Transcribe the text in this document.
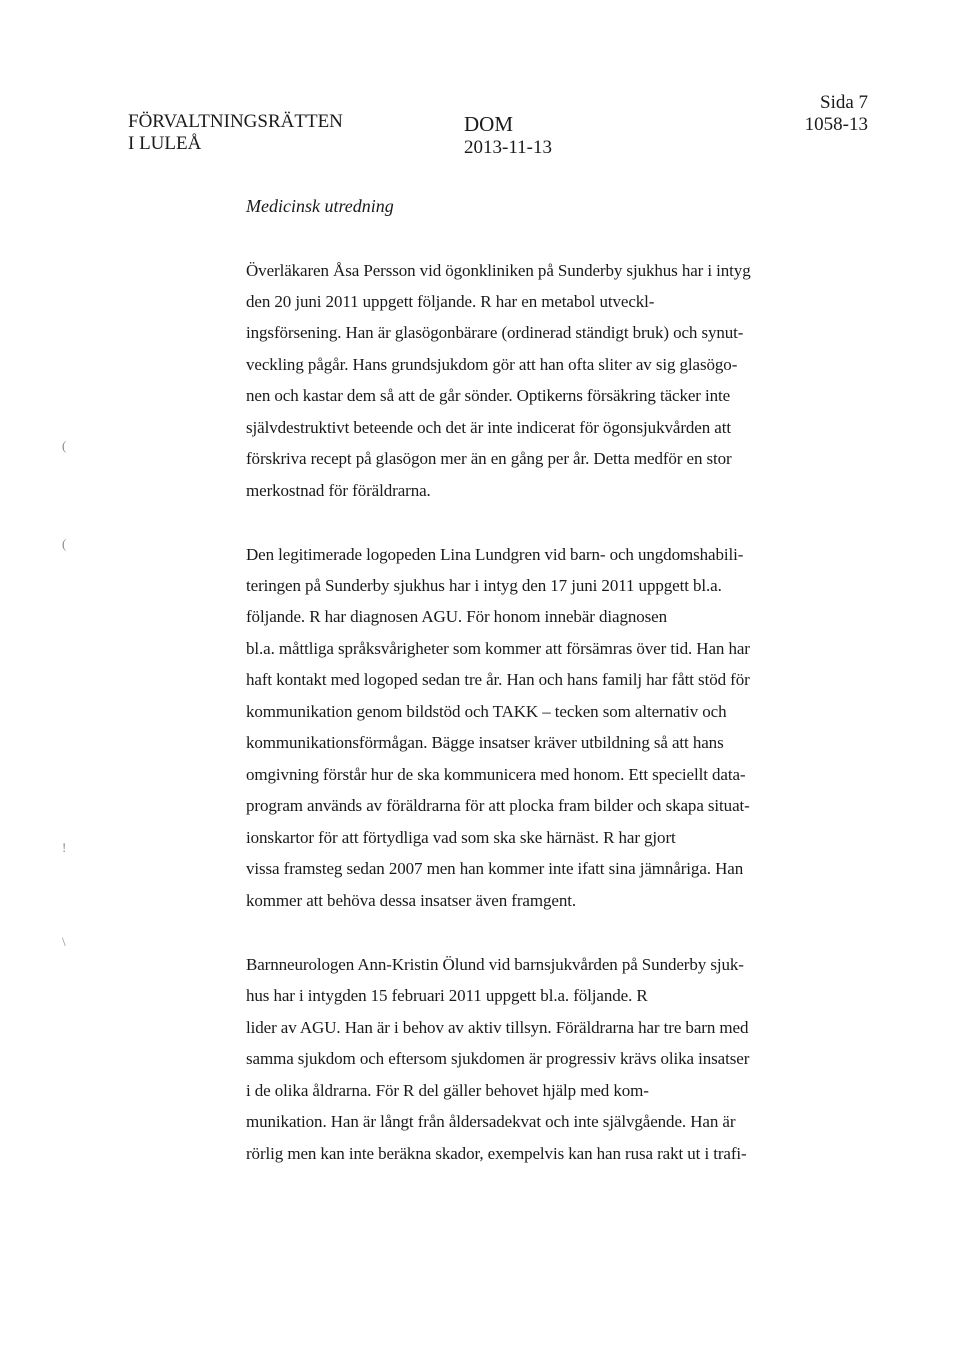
FÖRVALTNINGSRÄTTEN
I LULEÅ
DOM
2013-11-13
Sida 7
1058-13
Medicinsk utredning
Överläkaren Åsa Persson vid ögonkliniken på Sunderby sjukhus har i intyg
den 20 juni 2011 uppgett följande. R har en metabol utveckl-
ingsförsening. Han är glasögonbärare (ordinerad ständigt bruk) och synut-
veckling pågår. Hans grundsjukdom gör att han ofta sliter av sig glasögo-
nen och kastar dem så att de går sönder. Optikerns försäkring täcker inte
självdestruktivt beteende och det är inte indicerat för ögonsjukvården att
förskriva recept på glasögon mer än en gång per år. Detta medför en stor
merkostnad för föräldrarna.
Den legitimerade logopeden Lina Lundgren vid barn- och ungdomshabili-
teringen på Sunderby sjukhus har i intyg den 17 juni 2011 uppgett bl.a.
följande. R har diagnosen AGU. För honom innebär diagnosen
bl.a. måttliga språksvårigheter som kommer att försämras över tid. Han har
haft kontakt med logoped sedan tre år. Han och hans familj har fått stöd för
kommunikation genom bildstöd och TAKK – tecken som alternativ och
kommunikationsförmågan. Bägge insatser kräver utbildning så att hans
omgivning förstår hur de ska kommunicera med honom. Ett speciellt data-
program används av föräldrarna för att plocka fram bilder och skapa situat-
ionskartor för att förtydliga vad som ska ske härnäst. R har gjort
vissa framsteg sedan 2007 men han kommer inte ifatt sina jämnåriga. Han
kommer att behöva dessa insatser även framgent.
Barnneurologen Ann-Kristin Ölund vid barnsjukvården på Sunderby sjuk-
hus har i intygden 15 februari 2011 uppgett bl.a. följande. R
lider av AGU. Han är i behov av aktiv tillsyn. Föräldrarna har tre barn med
samma sjukdom och eftersom sjukdomen är progressiv krävs olika insatser
i de olika åldrarna. För R del gäller behovet hjälp med kom-
munikation. Han är långt från åldersadekvat och inte självgående. Han är
rörlig men kan inte beräkna skador, exempelvis kan han rusa rakt ut i trafi-
(
(
!
\
